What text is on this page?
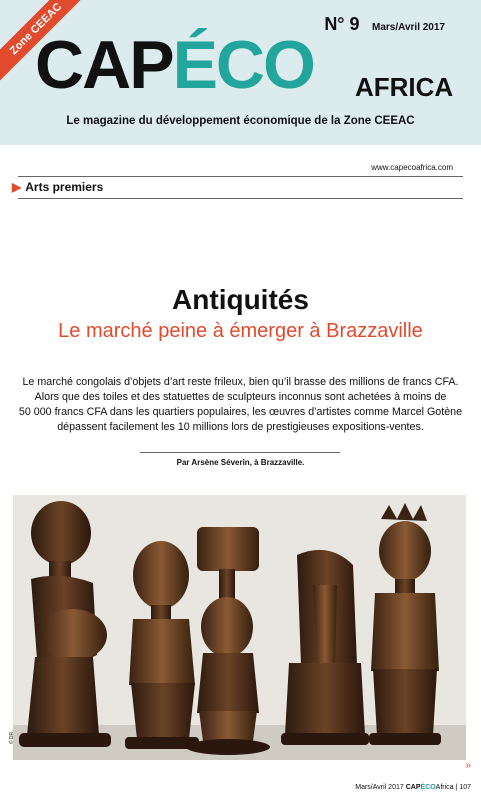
Zone CEEAC	N° 9 Mars/Avril 2017
CAPÉCO AFRICA
Le magazine du développement économique de la Zone CEEAC
www.capecoafrica.com
▶ Arts premiers
Antiquités
Le marché peine à émerger à Brazzaville
Le marché congolais d’objets d’art reste frileux, bien qu’il brasse des millions de francs CFA.
Alors que des toiles et des statuettes de sculpteurs inconnus sont achetées à moins de
50 000 francs CFA dans les quartiers populaires, les œuvres d’artistes comme Marcel Gotène
dépassent facilement les 10 millions lors de prestigieuses expositions-ventes.
Par Arsène Séverin, à Brazzaville.
© DR
»
Mars/Avril 2017 CAPÉCOAfrica | 107
